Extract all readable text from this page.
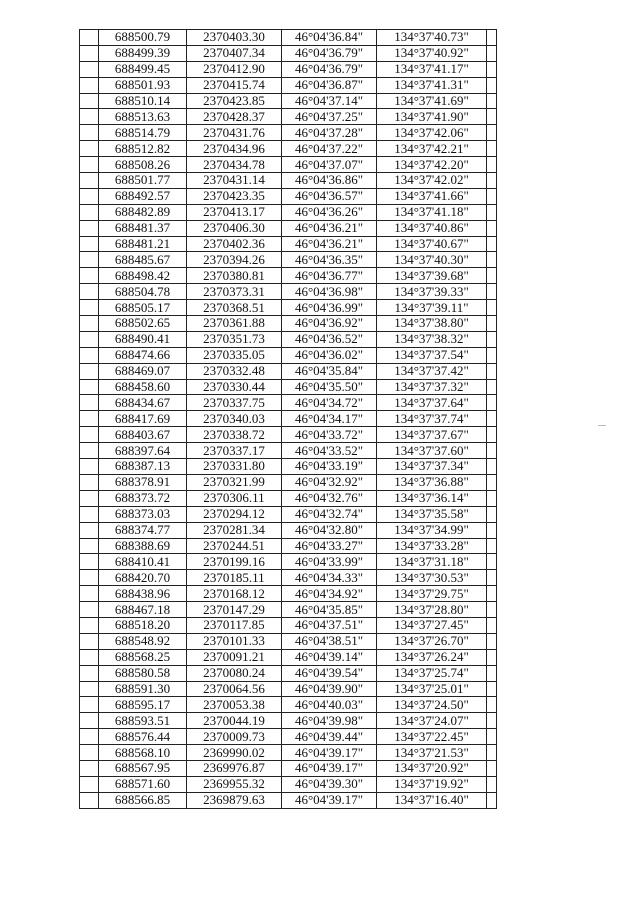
	688500.79	2370403.30	46°04'36.84"	134°37'40.73"	
	688499.39	2370407.34	46°04'36.79"	134°37'40.92"	
	688499.45	2370412.90	46°04'36.79"	134°37'41.17"	
	688501.93	2370415.74	46°04'36.87"	134°37'41.31"	
	688510.14	2370423.85	46°04'37.14"	134°37'41.69"	
	688513.63	2370428.37	46°04'37.25"	134°37'41.90"	
	688514.79	2370431.76	46°04'37.28"	134°37'42.06"	
	688512.82	2370434.96	46°04'37.22"	134°37'42.21"	
	688508.26	2370434.78	46°04'37.07"	134°37'42.20"	
	688501.77	2370431.14	46°04'36.86"	134°37'42.02"	
	688492.57	2370423.35	46°04'36.57"	134°37'41.66"	
	688482.89	2370413.17	46°04'36.26"	134°37'41.18"	
	688481.37	2370406.30	46°04'36.21"	134°37'40.86"	
	688481.21	2370402.36	46°04'36.21"	134°37'40.67"	
	688485.67	2370394.26	46°04'36.35"	134°37'40.30"	
	688498.42	2370380.81	46°04'36.77"	134°37'39.68"	
	688504.78	2370373.31	46°04'36.98"	134°37'39.33"	
	688505.17	2370368.51	46°04'36.99"	134°37'39.11"	
	688502.65	2370361.88	46°04'36.92"	134°37'38.80"	
	688490.41	2370351.73	46°04'36.52"	134°37'38.32"	
	688474.66	2370335.05	46°04'36.02"	134°37'37.54"	
	688469.07	2370332.48	46°04'35.84"	134°37'37.42"	
	688458.60	2370330.44	46°04'35.50"	134°37'37.32"	
	688434.67	2370337.75	46°04'34.72"	134°37'37.64"	
	688417.69	2370340.03	46°04'34.17"	134°37'37.74"	
	688403.67	2370338.72	46°04'33.72"	134°37'37.67"	
	688397.64	2370337.17	46°04'33.52"	134°37'37.60"	
	688387.13	2370331.80	46°04'33.19"	134°37'37.34"	
	688378.91	2370321.99	46°04'32.92"	134°37'36.88"	
	688373.72	2370306.11	46°04'32.76"	134°37'36.14"	
	688373.03	2370294.12	46°04'32.74"	134°37'35.58"	
	688374.77	2370281.34	46°04'32.80"	134°37'34.99"	
	688388.69	2370244.51	46°04'33.27"	134°37'33.28"	
	688410.41	2370199.16	46°04'33.99"	134°37'31.18"	
	688420.70	2370185.11	46°04'34.33"	134°37'30.53"	
	688438.96	2370168.12	46°04'34.92"	134°37'29.75"	
	688467.18	2370147.29	46°04'35.85"	134°37'28.80"	
	688518.20	2370117.85	46°04'37.51"	134°37'27.45"	
	688548.92	2370101.33	46°04'38.51"	134°37'26.70"	
	688568.25	2370091.21	46°04'39.14"	134°37'26.24"	
	688580.58	2370080.24	46°04'39.54"	134°37'25.74"	
	688591.30	2370064.56	46°04'39.90"	134°37'25.01"	
	688595.17	2370053.38	46°04'40.03"	134°37'24.50"	
	688593.51	2370044.19	46°04'39.98"	134°37'24.07"	
	688576.44	2370009.73	46°04'39.44"	134°37'22.45"	
	688568.10	2369990.02	46°04'39.17"	134°37'21.53"	
	688567.95	2369976.87	46°04'39.17"	134°37'20.92"	
	688571.60	2369955.32	46°04'39.30"	134°37'19.92"	
	688566.85	2369879.63	46°04'39.17"	134°37'16.40"	
